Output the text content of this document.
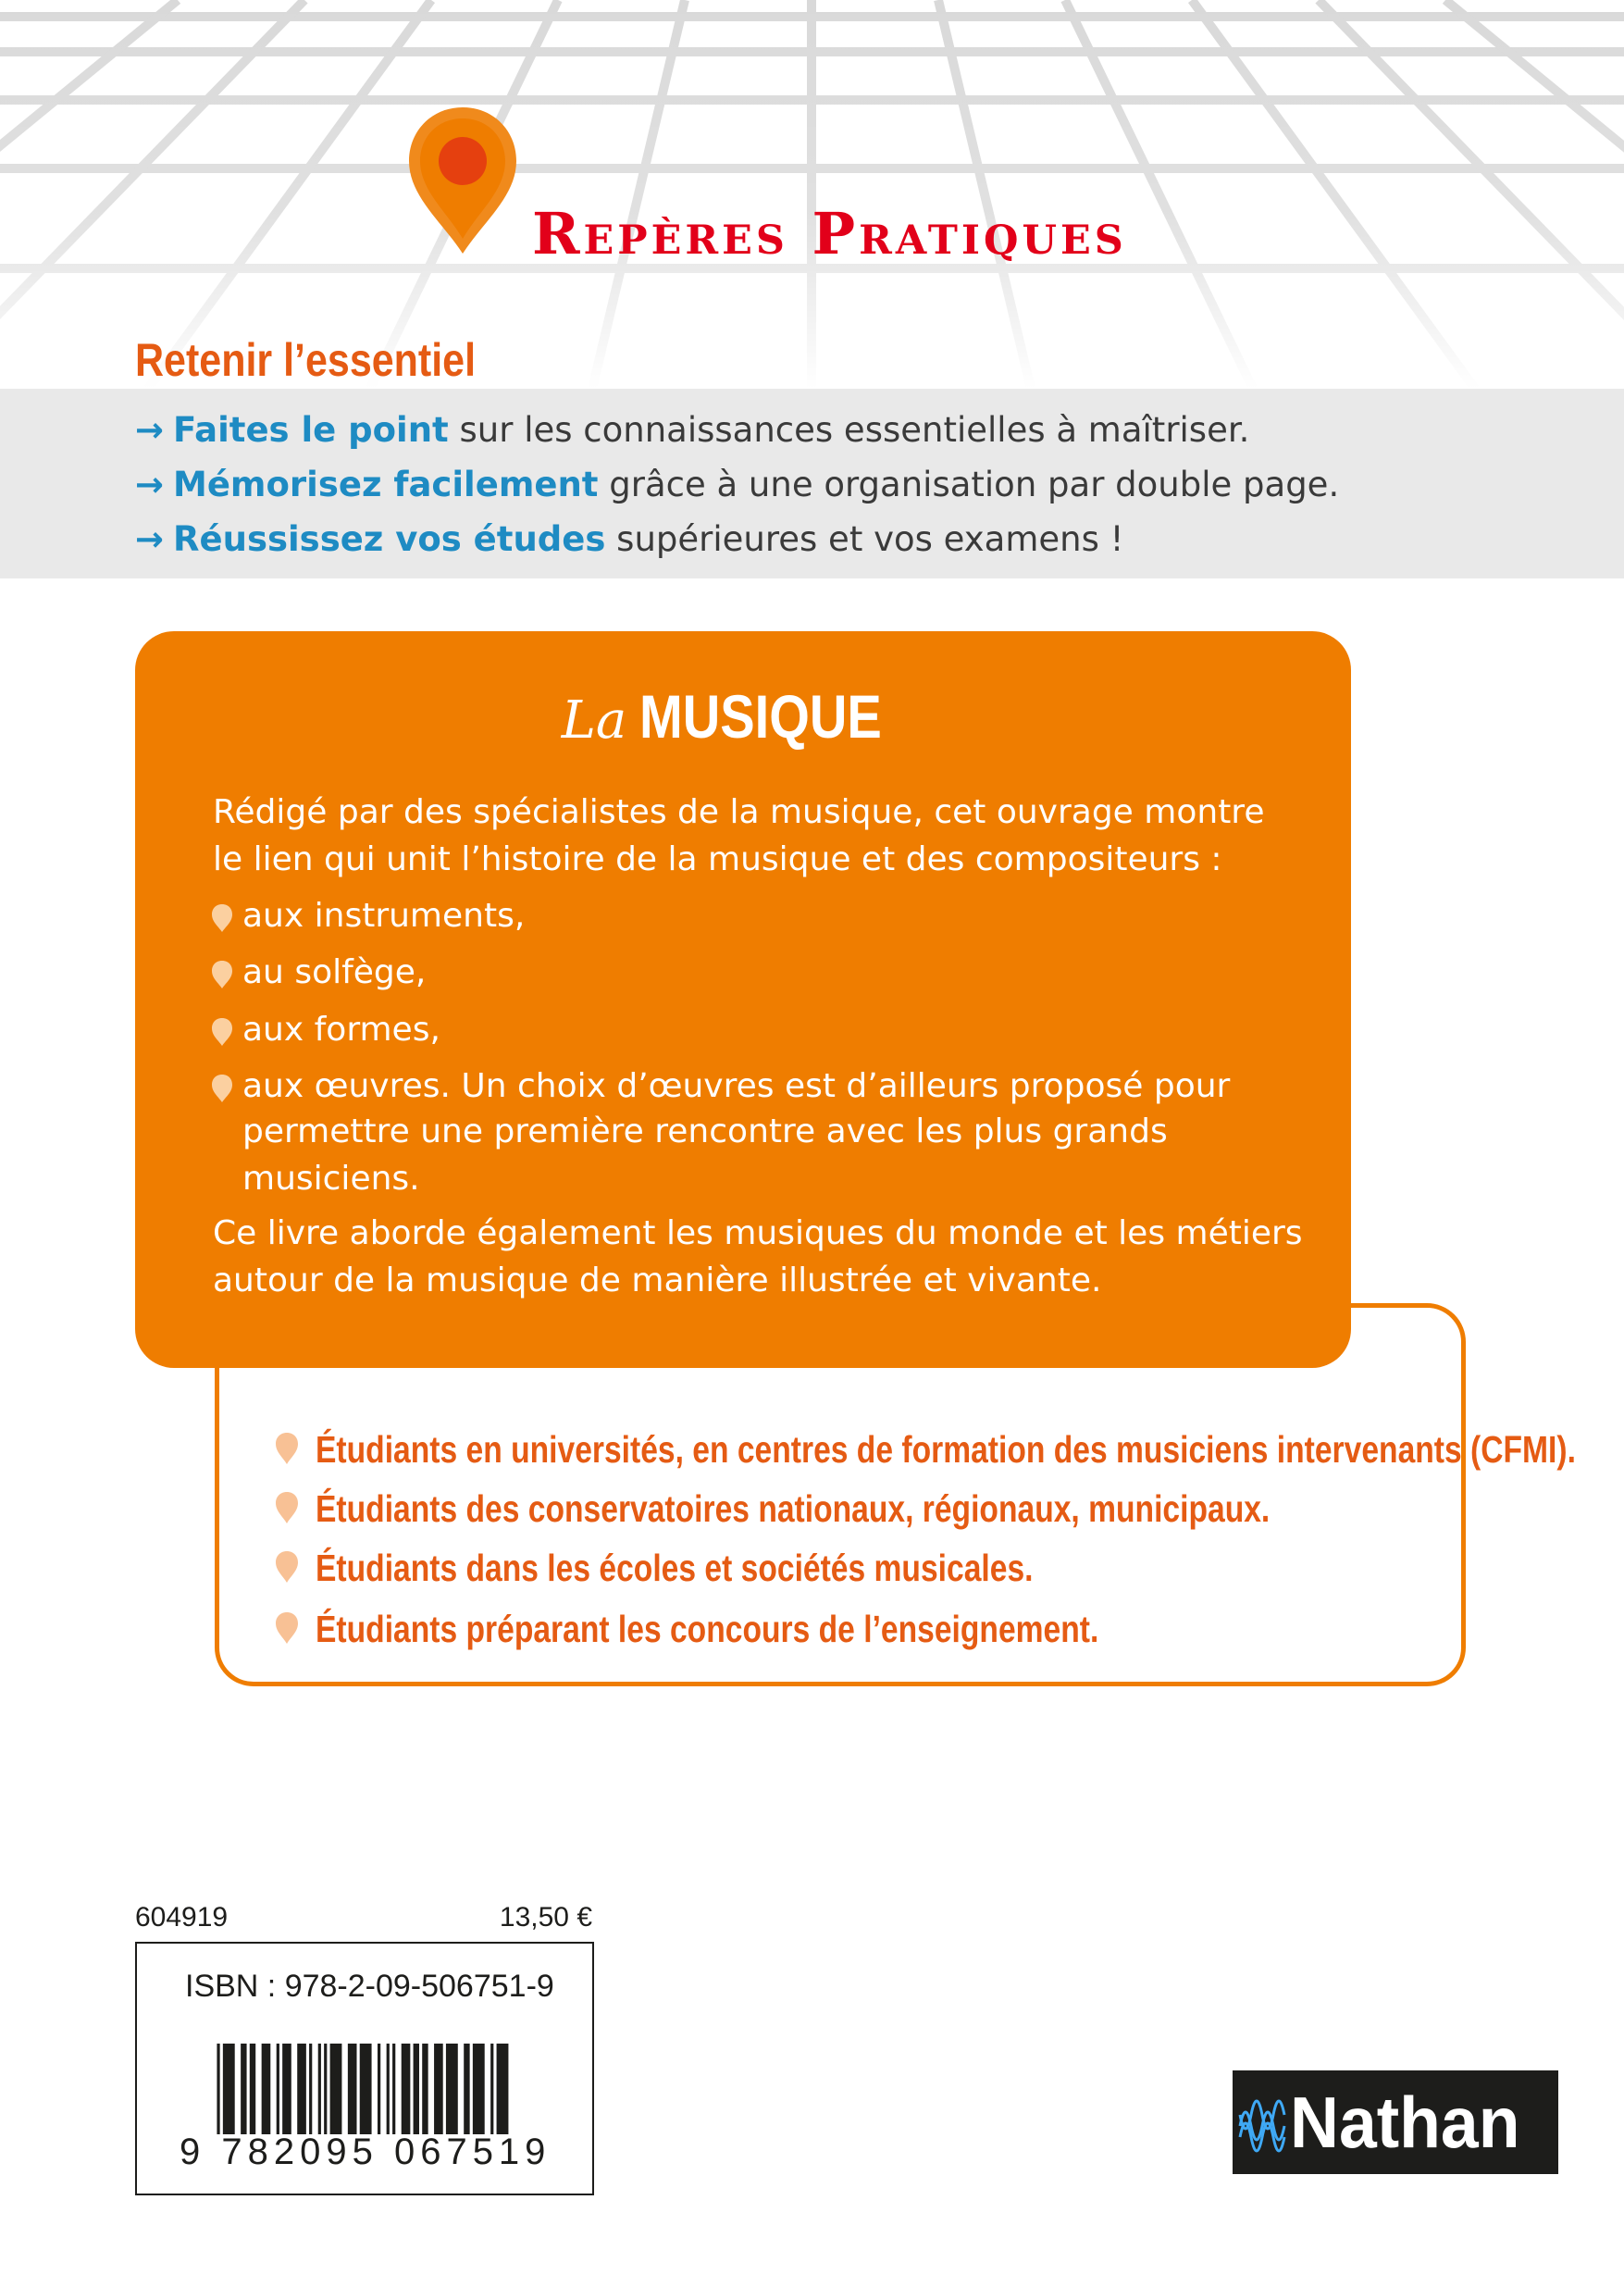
Repères Pratiques
Retenir l’essentiel
→ Faites le point sur les connaissances essentielles à maîtriser.
→ Mémorisez facilement grâce à une organisation par double page.
→ Réussissez vos études supérieures et vos examens !
La MUSIQUE
Rédigé par des spécialistes de la musique, cet ouvrage montre
le lien qui unit l’histoire de la musique et des compositeurs :
aux instruments,
au solfège,
aux formes,
aux œuvres. Un choix d’œuvres est d’ailleurs proposé pour
permettre une première rencontre avec les plus grands
musiciens.
Ce livre aborde également les musiques du monde et les métiers
autour de la musique de manière illustrée et vivante.
Étudiants en universités, en centres de formation des musiciens intervenants (CFMI).
Étudiants des conservatoires nationaux, régionaux, municipaux.
Étudiants dans les écoles et sociétés musicales.
Étudiants préparant les concours de l’enseignement.
604919	13,50 €
ISBN : 978-2-09-506751-9
9 782095 067519	Nathan
